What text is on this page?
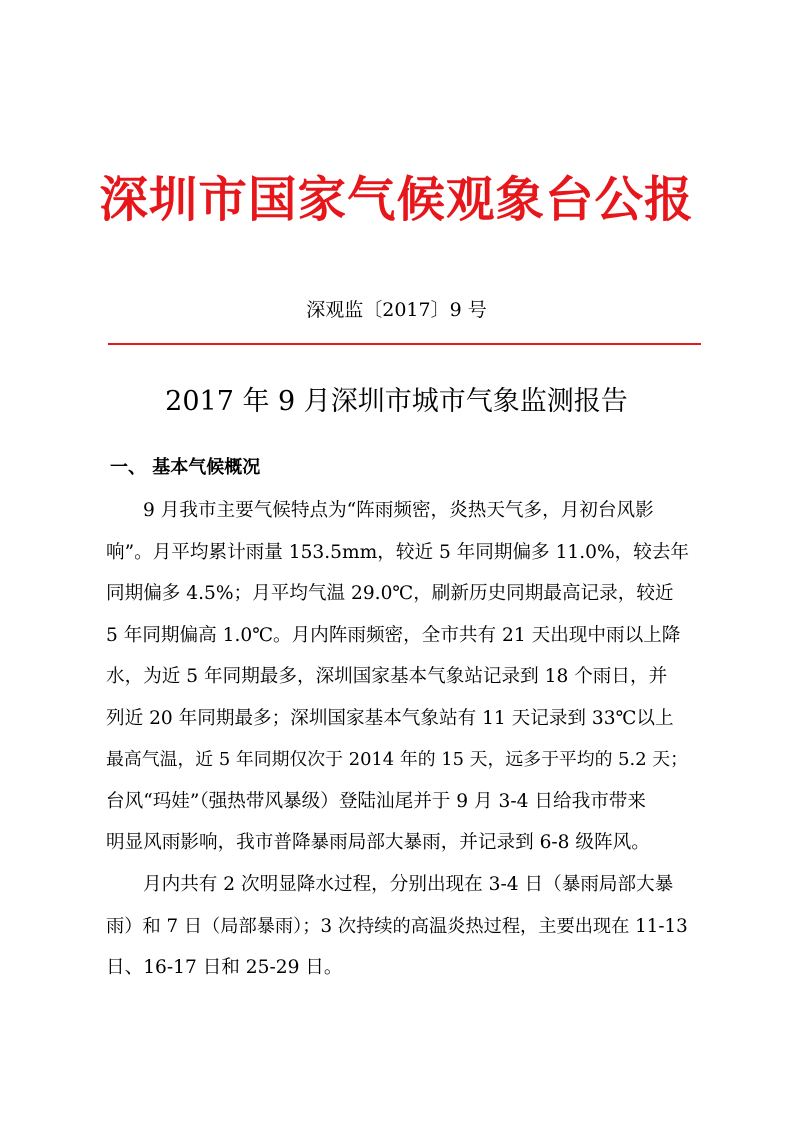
深圳市国家气候观象台公报
深观监〔2017〕9 号
2017 年 9 月深圳市城市气象监测报告
一、 基本气候概况
9 月我市主要气候特点为“阵雨频密，炎热天气多，月初台风影
响”。月平均累计雨量 153.5mm，较近 5 年同期偏多 11.0%，较去年
同期偏多 4.5%；月平均气温 29.0℃，刷新历史同期最高记录，较近
5 年同期偏高 1.0℃。月内阵雨频密，全市共有 21 天出现中雨以上降
水，为近 5 年同期最多，深圳国家基本气象站记录到 18 个雨日，并
列近 20 年同期最多；深圳国家基本气象站有 11 天记录到 33℃以上
最高气温，近 5 年同期仅次于 2014 年的 15 天，远多于平均的 5.2 天；
台风“玛娃”（强热带风暴级）登陆汕尾并于 9 月 3-4 日给我市带来
明显风雨影响，我市普降暴雨局部大暴雨，并记录到 6-8 级阵风。
月内共有 2 次明显降水过程，分别出现在 3-4 日（暴雨局部大暴
雨）和 7 日（局部暴雨）；3 次持续的高温炎热过程，主要出现在 11-13
日、16-17 日和 25-29 日。
